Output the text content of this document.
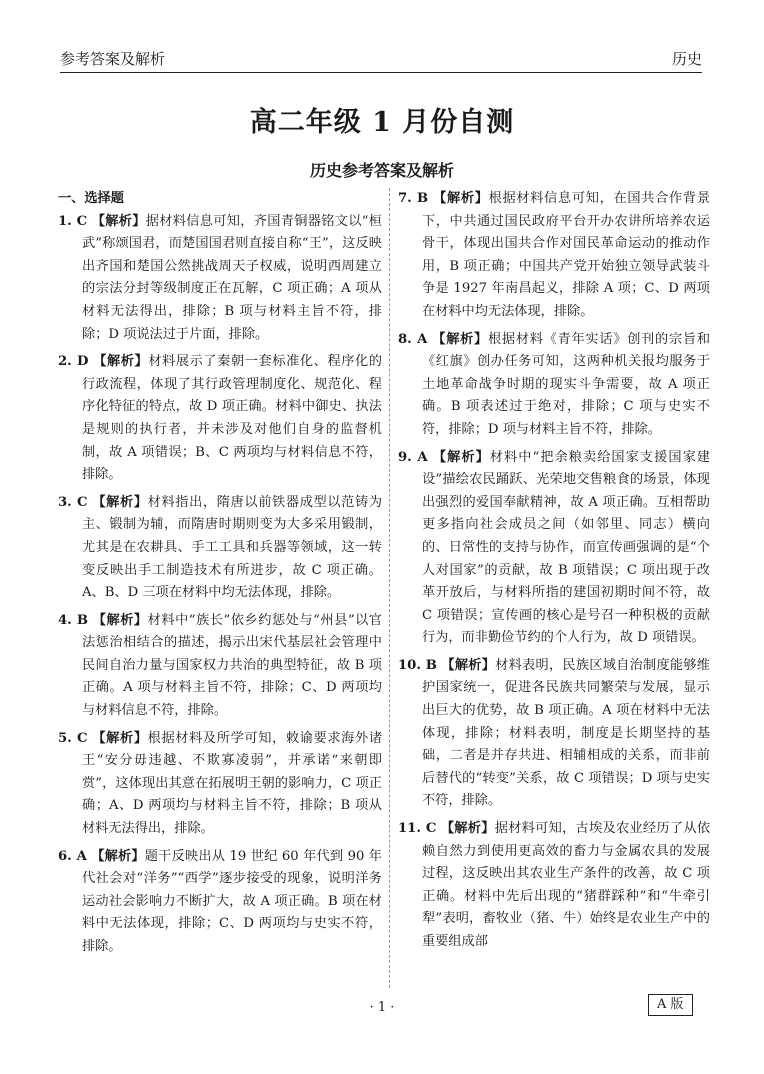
参考答案及解析	历史
高二年级 1 月份自测
历史参考答案及解析

一、选择题

1. C 【解析】据材料信息可知，齐国青铜器铭文以“桓武”称颂国君，而楚国国君则直接自称“王”，这反映出齐国和楚国公然挑战周天子权威，说明西周建立的宗法分封等级制度正在瓦解，C 项正确；A 项从材料无法得出，排除；B 项与材料主旨不符，排除；D 项说法过于片面，排除。

2. D 【解析】材料展示了秦朝一套标准化、程序化的行政流程，体现了其行政管理制度化、规范化、程序化特征的特点，故 D 项正确。材料中御史、执法是规则的执行者，并未涉及对他们自身的监督机制，故 A 项错误；B、C 两项均与材料信息不符，排除。

3. C 【解析】材料指出，隋唐以前铁器成型以范铸为主、锻制为辅，而隋唐时期则变为大多采用锻制，尤其是在农耕具、手工工具和兵器等领域，这一转变反映出手工制造技术有所进步，故 C 项正确。A、B、D 三项在材料中均无法体现，排除。

4. B 【解析】材料中“族长”依乡约惩处与“州县”以官法惩治相结合的描述，揭示出宋代基层社会管理中民间自治力量与国家权力共治的典型特征，故 B 项正确。A 项与材料主旨不符，排除；C、D 两项均与材料信息不符，排除。

5. C 【解析】根据材料及所学可知，敕谕要求海外诸王“安分毋违越、不欺寡凌弱”，并承诺“来朝即赏”，这体现出其意在拓展明王朝的影响力，C 项正确；A、D 两项均与材料主旨不符，排除；B 项从材料无法得出，排除。

6. A 【解析】题干反映出从 19 世纪 60 年代到 90 年代社会对“洋务”“西学”逐步接受的现象，说明洋务运动社会影响力不断扩大，故 A 项正确。B 项在材料中无法体现，排除；C、D 两项均与史实不符，排除。

7. B 【解析】根据材料信息可知，在国共合作背景下，中共通过国民政府平台开办农讲所培养农运骨干，体现出国共合作对国民革命运动的推动作用，B 项正确；中国共产党开始独立领导武装斗争是 1927 年南昌起义，排除 A 项；C、D 两项在材料中均无法体现，排除。

8. A 【解析】根据材料《青年实话》创刊的宗旨和《红旗》创办任务可知，这两种机关报均服务于土地革命战争时期的现实斗争需要，故 A 项正确。B 项表述过于绝对，排除；C 项与史实不符，排除；D 项与材料主旨不符，排除。

9. A 【解析】材料中“把余粮卖给国家支援国家建设”描绘农民踊跃、光荣地交售粮食的场景，体现出强烈的爱国奉献精神，故 A 项正确。互相帮助更多指向社会成员之间（如邻里、同志）横向的、日常性的支持与协作，而宣传画强调的是“个人对国家”的贡献，故 B 项错误；C 项出现于改革开放后，与材料所指的建国初期时间不符，故 C 项错误；宣传画的核心是号召一种积极的贡献行为，而非勤俭节约的个人行为，故 D 项错误。

10. B 【解析】材料表明，民族区域自治制度能够维护国家统一，促进各民族共同繁荣与发展，显示出巨大的优势，故 B 项正确。A 项在材料中无法体现，排除；材料表明，制度是长期坚持的基础，二者是并存共进、相辅相成的关系，而非前后替代的“转变”关系，故 C 项错误；D 项与史实不符，排除。

11. C 【解析】据材料可知，古埃及农业经历了从依赖自然力到使用更高效的畜力与金属农具的发展过程，这反映出其农业生产条件的改善，故 C 项正确。材料中先后出现的“猪群踩种”和“牛牵引犁”表明，畜牧业（猪、牛）始终是农业生产中的重要组成部

· 1 ·	A 版
